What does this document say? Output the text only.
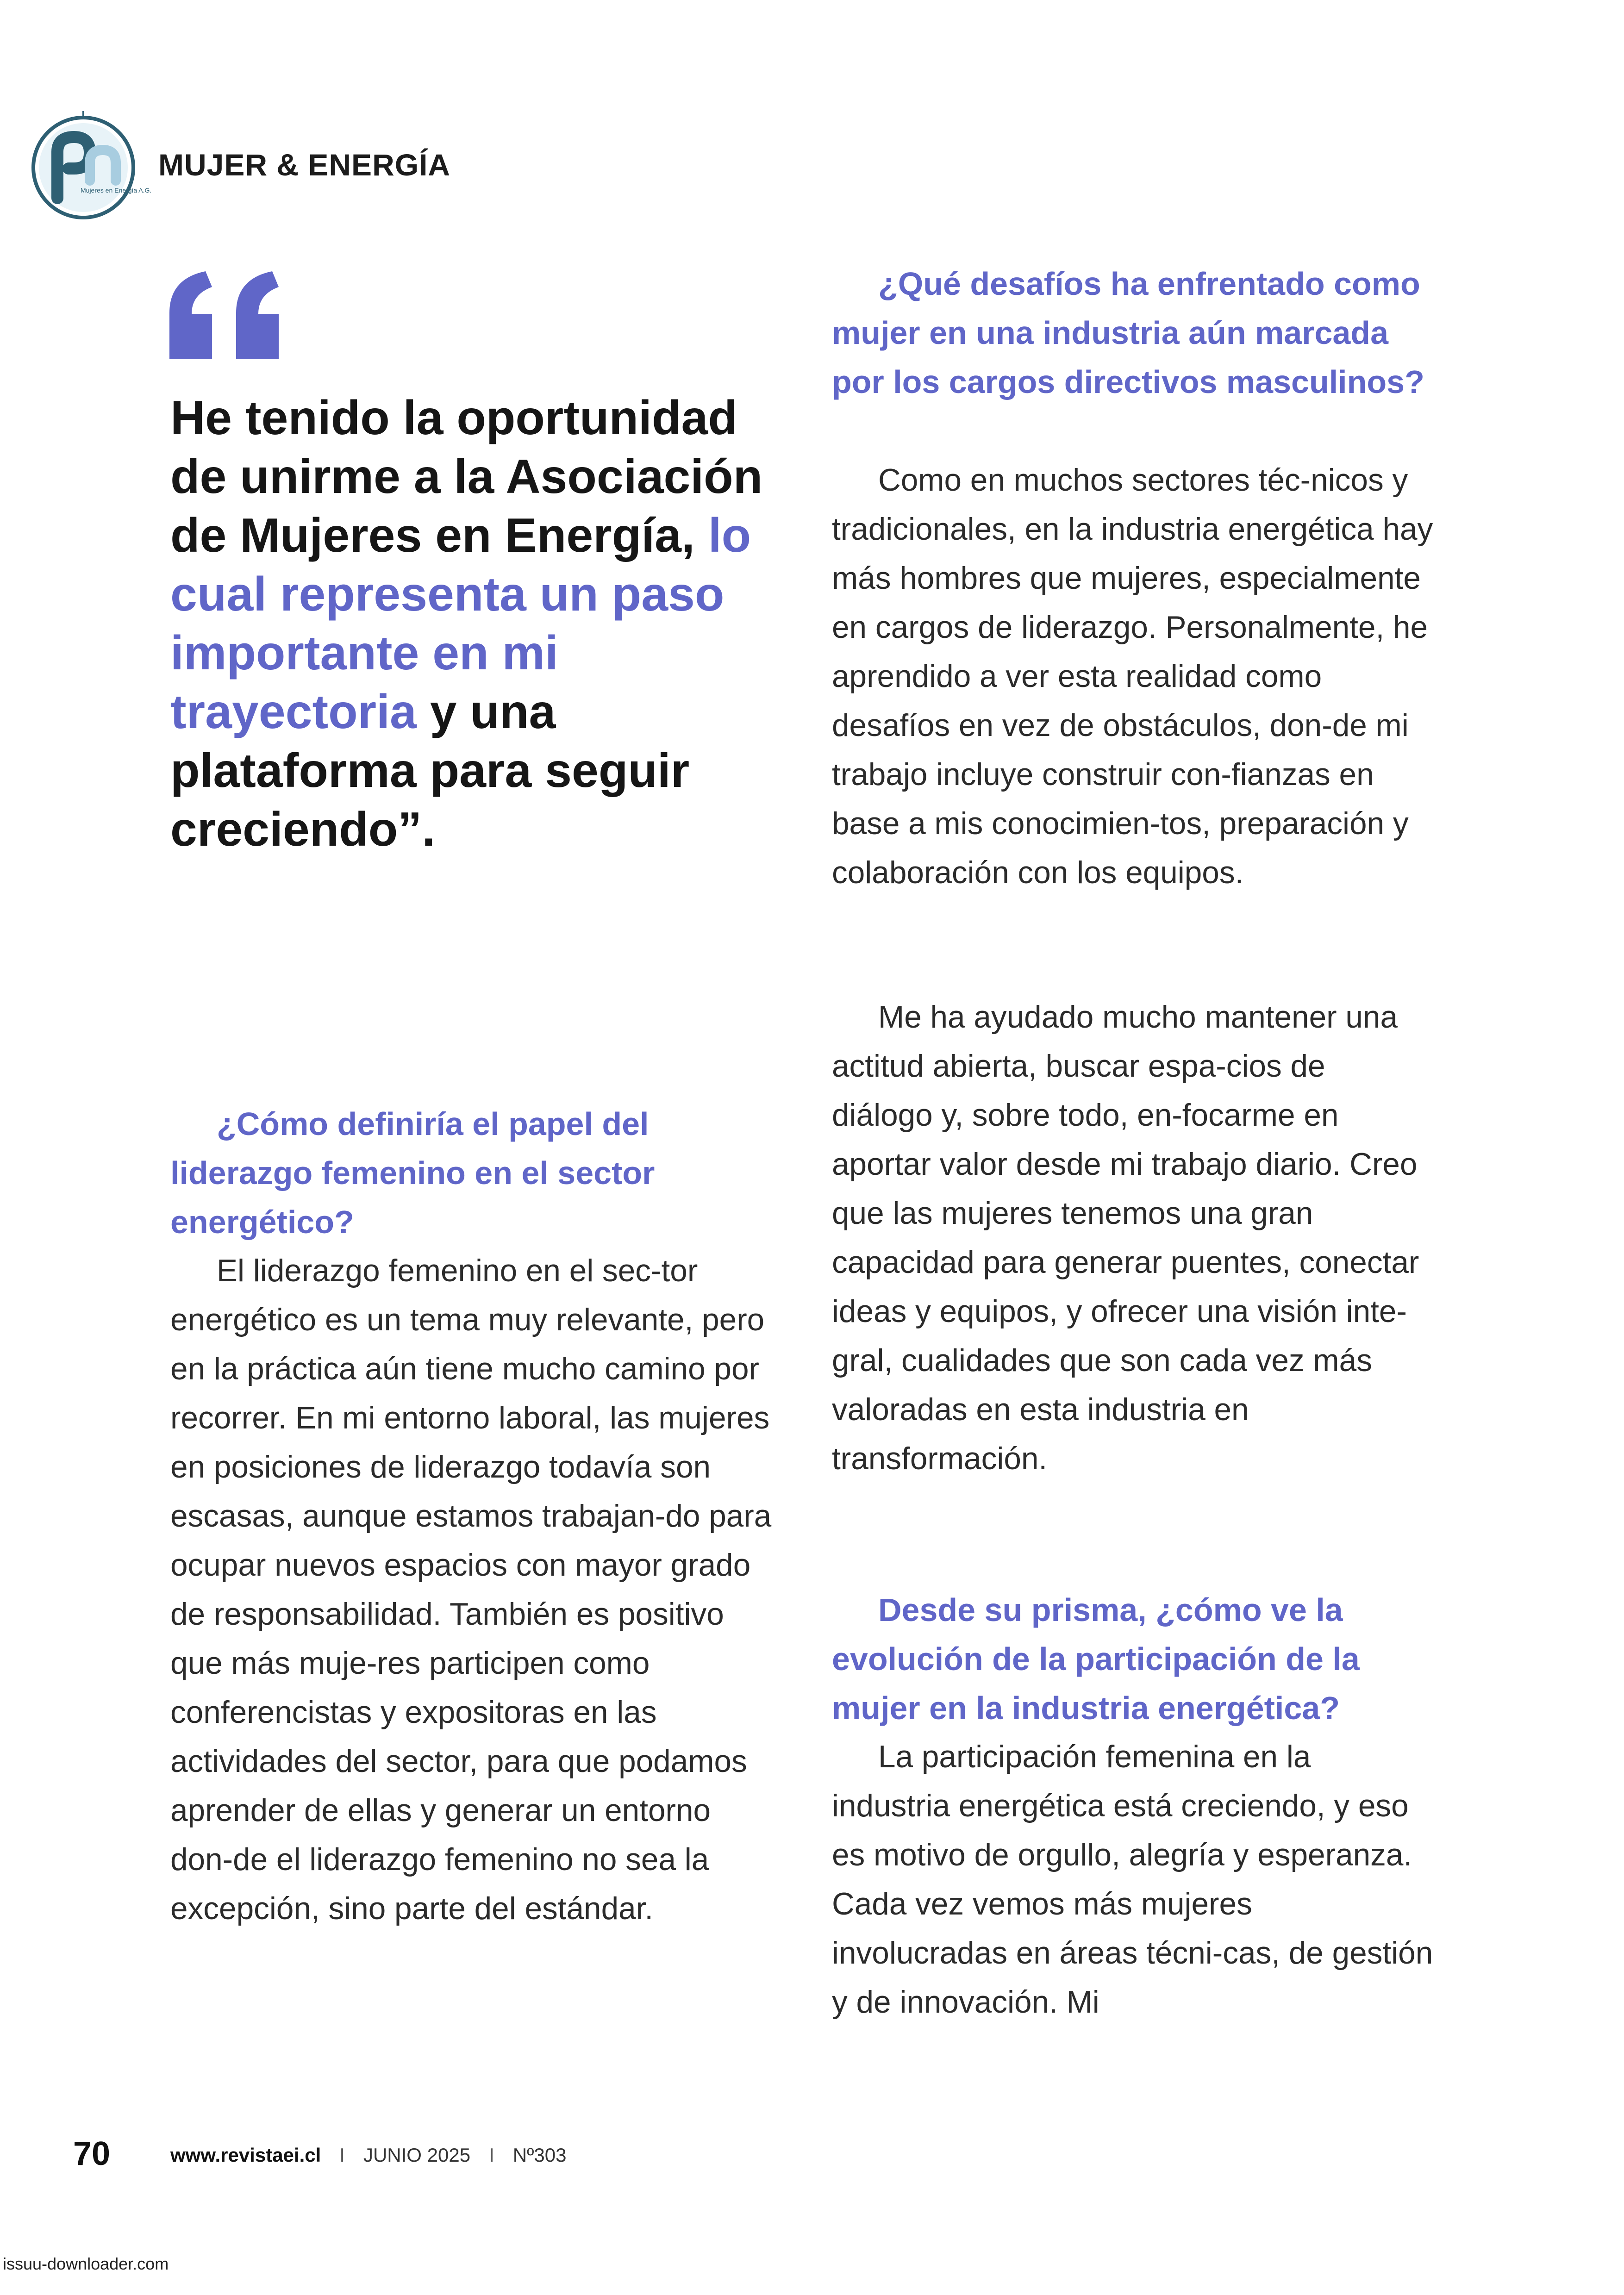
Mujeres en Energía A.G.
MUJER & ENERGÍA

He tenido la oportunidad de unirme a la Asociación de Mujeres en Energía, lo cual representa un paso importante en mi trayectoria y una plataforma para seguir creciendo”.

¿Cómo definiría el papel del liderazgo femenino en el sector energético?

El liderazgo femenino en el sec-tor energético es un tema muy relevante, pero en la práctica aún tiene mucho camino por recorrer. En mi entorno laboral, las mujeres en posiciones de liderazgo todavía son escasas, aunque estamos trabajan-do para ocupar nuevos espacios con mayor grado de responsabilidad. También es positivo que más muje-res participen como conferencistas y expositoras en las actividades del sector, para que podamos aprender de ellas y generar un entorno don-de el liderazgo femenino no sea la excepción, sino parte del estándar.

¿Qué desafíos ha enfrentado como mujer en una industria aún marcada por los cargos directivos masculinos?

Como en muchos sectores téc-nicos y tradicionales, en la industria energética hay más hombres que mujeres, especialmente en cargos de liderazgo. Personalmente, he aprendido a ver esta realidad como desafíos en vez de obstáculos, don-de mi trabajo incluye construir con-fianzas en base a mis conocimien-tos, preparación y colaboración con los equipos.

Me ha ayudado mucho mantener una actitud abierta, buscar espa-cios de diálogo y, sobre todo, en-focarme en aportar valor desde mi trabajo diario. Creo que las mujeres tenemos una gran capacidad para generar puentes, conectar ideas y equipos, y ofrecer una visión inte-gral, cualidades que son cada vez más valoradas en esta industria en transformación.

Desde su prisma, ¿cómo ve la evolución de la participación de la mujer en la industria energética?

La participación femenina en la industria energética está creciendo, y eso es motivo de orgullo, alegría y esperanza. Cada vez vemos más mujeres involucradas en áreas técni-cas, de gestión y de innovación. Mi

70	www.revistaei.cl I JUNIO 2025 I Nº303
issuu-downloader.com
